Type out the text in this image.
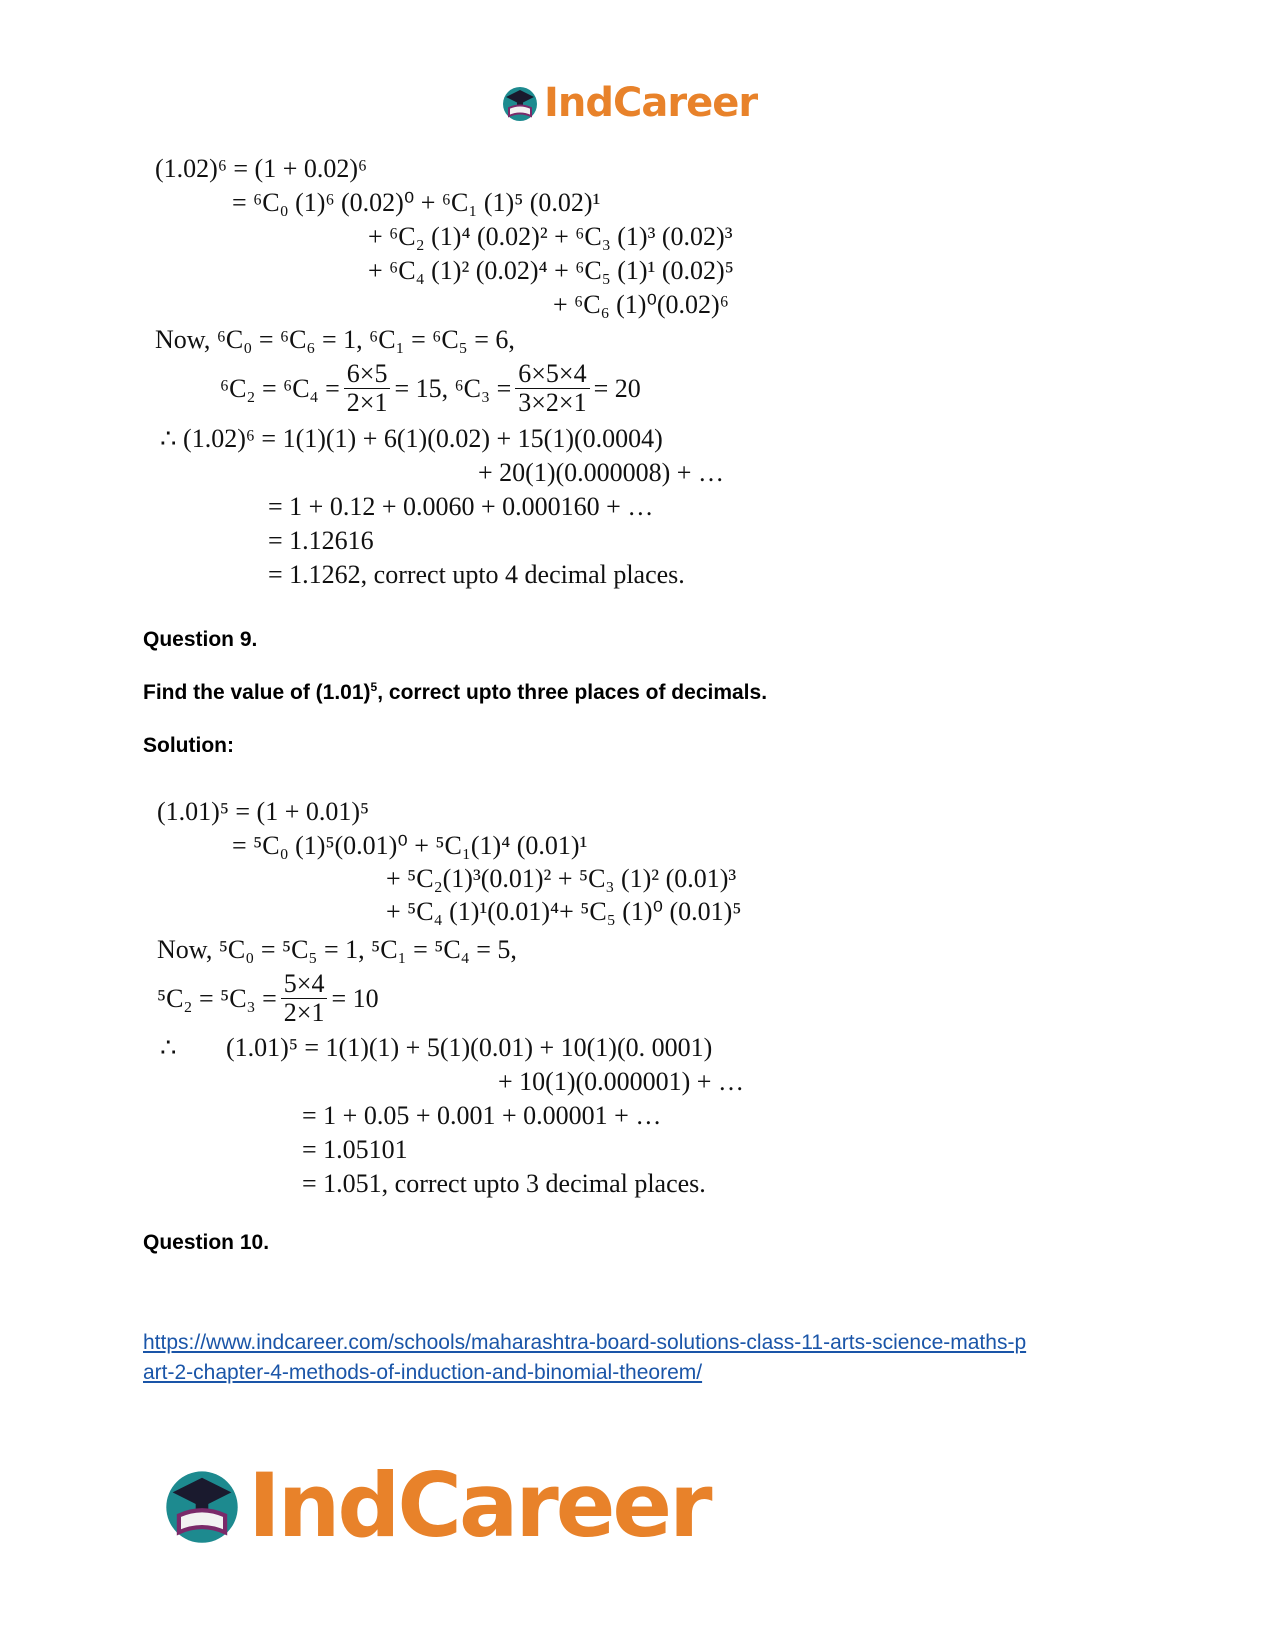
IndCareer
(1.02)⁶ = (1 + 0.02)⁶
= ⁶C₀ (1)⁶ (0.02)⁰ + ⁶C₁ (1)⁵ (0.02)¹
+ ⁶C₂ (1)⁴ (0.02)² + ⁶C₃ (1)³ (0.02)³
+ ⁶C₄ (1)² (0.02)⁴ + ⁶C₅ (1)¹ (0.02)⁵
+ ⁶C₆ (1)⁰(0.02)⁶
Now, ⁶C₀ = ⁶C₆ = 1, ⁶C₁ = ⁶C₅ = 6,
$^6C_2 = ^6C_4 = \frac{6\times 5}{2\times 1} = 15$, $^6C_3 = \frac{6\times 5\times 4}{3\times 2\times 1} = 20$
∴ (1.02)⁶ = 1(1)(1) + 6(1)(0.02) + 15(1)(0.0004)
+ 20(1)(0.000008) + …
= 1 + 0.12 + 0.0060 + 0.000160 + …
= 1.12616
= 1.1262, correct upto 4 decimal places.
Question 9.
Find the value of $(1.01)^5$, correct upto three places of decimals.
Solution:
(1.01)⁵ = (1 + 0.01)⁵
= ⁵C₀ (1)⁵(0.01)⁰ + ⁵C₁(1)⁴ (0.01)¹
+ ⁵C₂(1)³(0.01)² + ⁵C₃ (1)² (0.01)³
+ ⁵C₄ (1)¹(0.01)⁴+ ⁵C₅ (1)⁰ (0.01)⁵
Now, ⁵C₀ = ⁵C₅ = 1, ⁵C₁ = ⁵C₄ = 5,
$^5C_2 = ^5C_3 = \frac{5\times 4}{2\times 1} = 10$
∴ (1.01)⁵ = 1(1)(1) + 5(1)(0.01) + 10(1)(0. 0001)
+ 10(1)(0.000001) + …
= 1 + 0.05 + 0.001 + 0.00001 + …
= 1.05101
= 1.051, correct upto 3 decimal places.
Question 10.
https://www.indcareer.com/schools/maharashtra-board-solutions-class-11-arts-science-maths-p
art-2-chapter-4-methods-of-induction-and-binomial-theorem/
IndCareer
